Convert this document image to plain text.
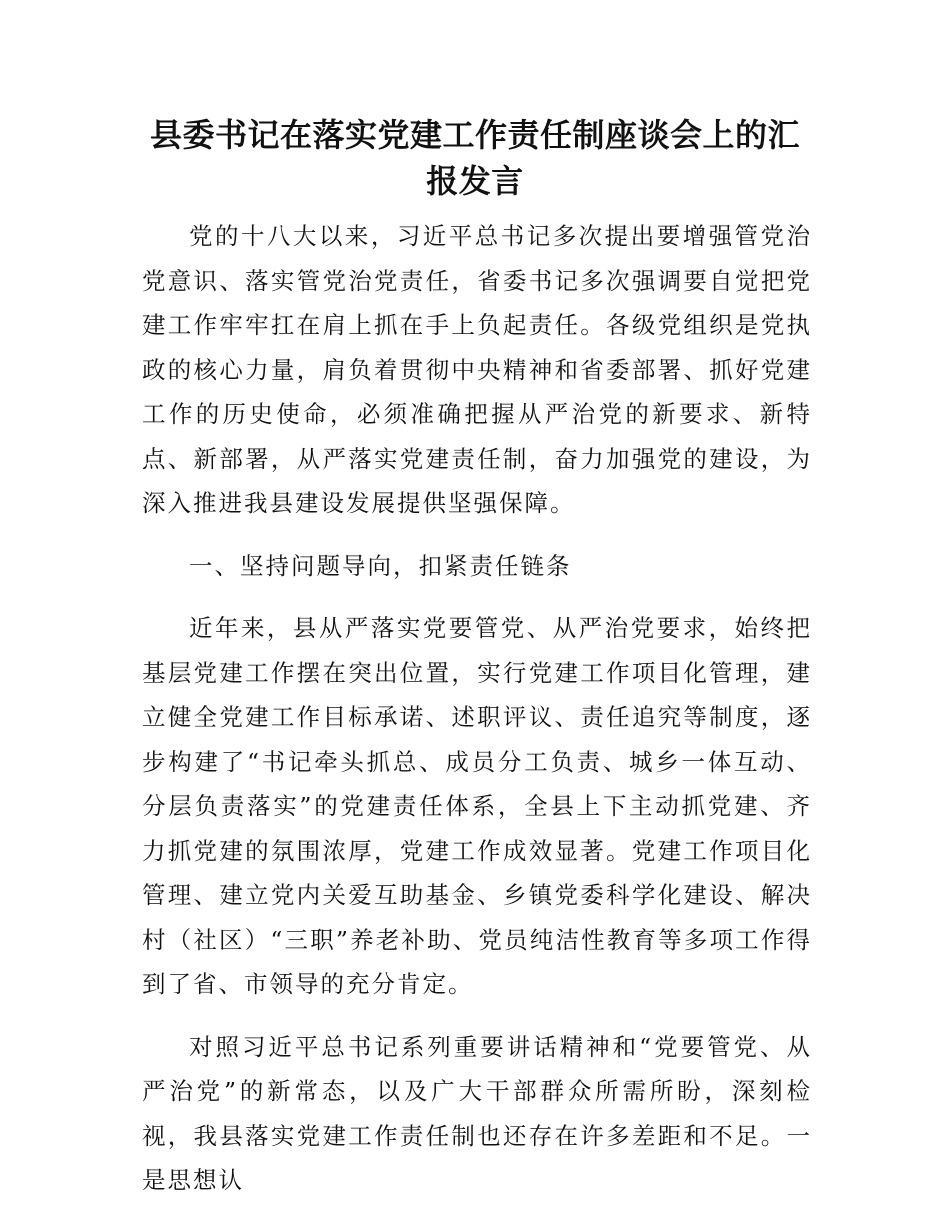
县委书记在落实党建工作责任制座谈会上的汇报发言

党的十八大以来，习近平总书记多次提出要增强管党治党意识、落实管党治党责任，省委书记多次强调要自觉把党建工作牢牢扛在肩上抓在手上负起责任。各级党组织是党执政的核心力量，肩负着贯彻中央精神和省委部署、抓好党建工作的历史使命，必须准确把握从严治党的新要求、新特点、新部署，从严落实党建责任制，奋力加强党的建设，为深入推进我县建设发展提供坚强保障。

一、坚持问题导向，扣紧责任链条

近年来，县从严落实党要管党、从严治党要求，始终把基层党建工作摆在突出位置，实行党建工作项目化管理，建立健全党建工作目标承诺、述职评议、责任追究等制度，逐步构建了“书记牵头抓总、成员分工负责、城乡一体互动、分层负责落实”的党建责任体系，全县上下主动抓党建、齐力抓党建的氛围浓厚，党建工作成效显著。党建工作项目化管理、建立党内关爱互助基金、乡镇党委科学化建设、解决村（社区）“三职”养老补助、党员纯洁性教育等多项工作得到了省、市领导的充分肯定。

对照习近平总书记系列重要讲话精神和“党要管党、从严治党”的新常态，以及广大干部群众所需所盼，深刻检视，我县落实党建工作责任制也还存在许多差距和不足。一是思想认
